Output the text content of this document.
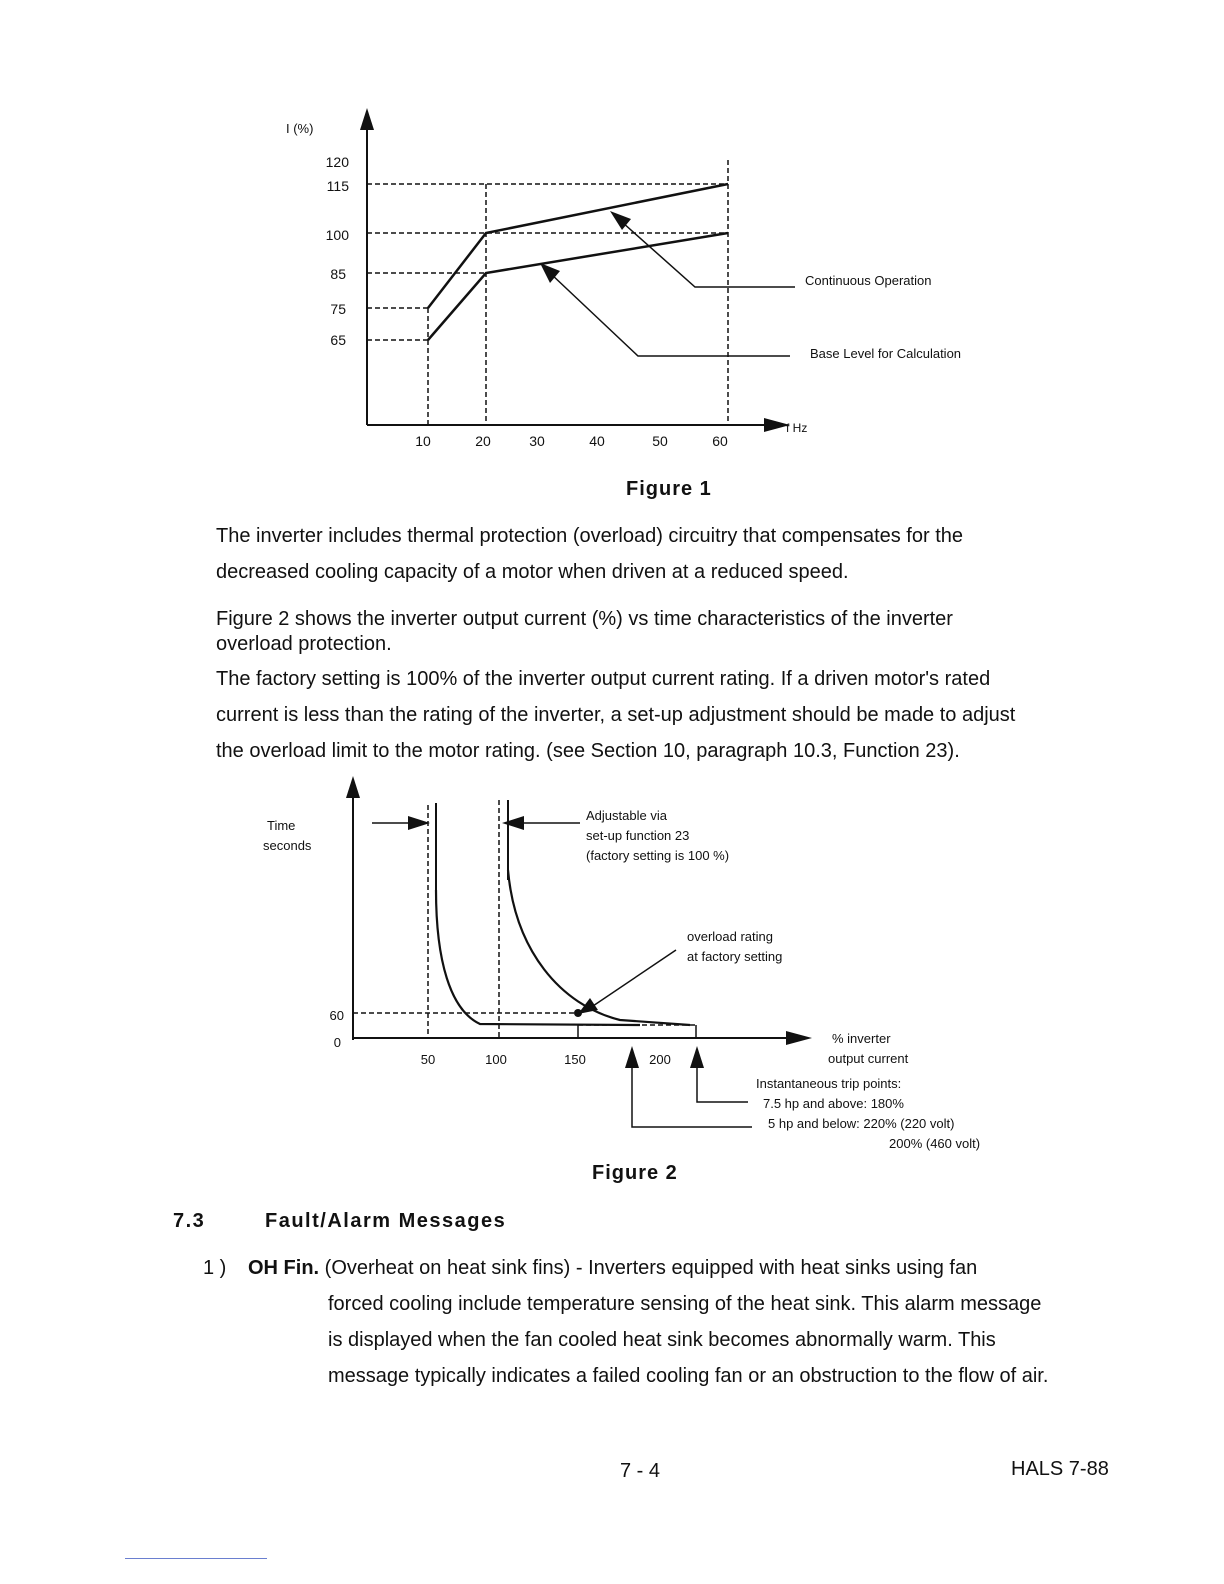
I (%)
f Hz
120
115
100
85
75
65
10	20	30	40	50	60
Continuous Operation
Base Level for Calculation
Figure 1
The inverter includes thermal protection (overload) circuitry that compensates for the
decreased cooling capacity of a motor when driven at a reduced speed.
Figure 2 shows the inverter output current (%) vs time characteristics of the inverter
overload protection.
The factory setting is 100% of the inverter output current rating. If a driven motor's rated
current is less than the rating of the inverter, a set-up adjustment should be made to adjust
the overload limit to the motor rating. (see Section 10, paragraph 10.3, Function 23).
Time
seconds
60
0
50	100	150	200
% inverter
output current
Adjustable via
set-up function 23
(factory setting is 100 %)
overload rating
at factory setting
Instantaneous trip points:
7.5 hp and above: 180%
5 hp and below: 220% (220 volt)
200% (460 volt)
Figure 2
7.3	Fault/Alarm Messages
1 ) OH Fin. (Overheat on heat sink fins) - Inverters equipped with heat sinks using fan
forced cooling include temperature sensing of the heat sink. This alarm message
is displayed when the fan cooled heat sink becomes abnormally warm. This
message typically indicates a failed cooling fan or an obstruction to the flow of air.
7 - 4	HALS 7-88
